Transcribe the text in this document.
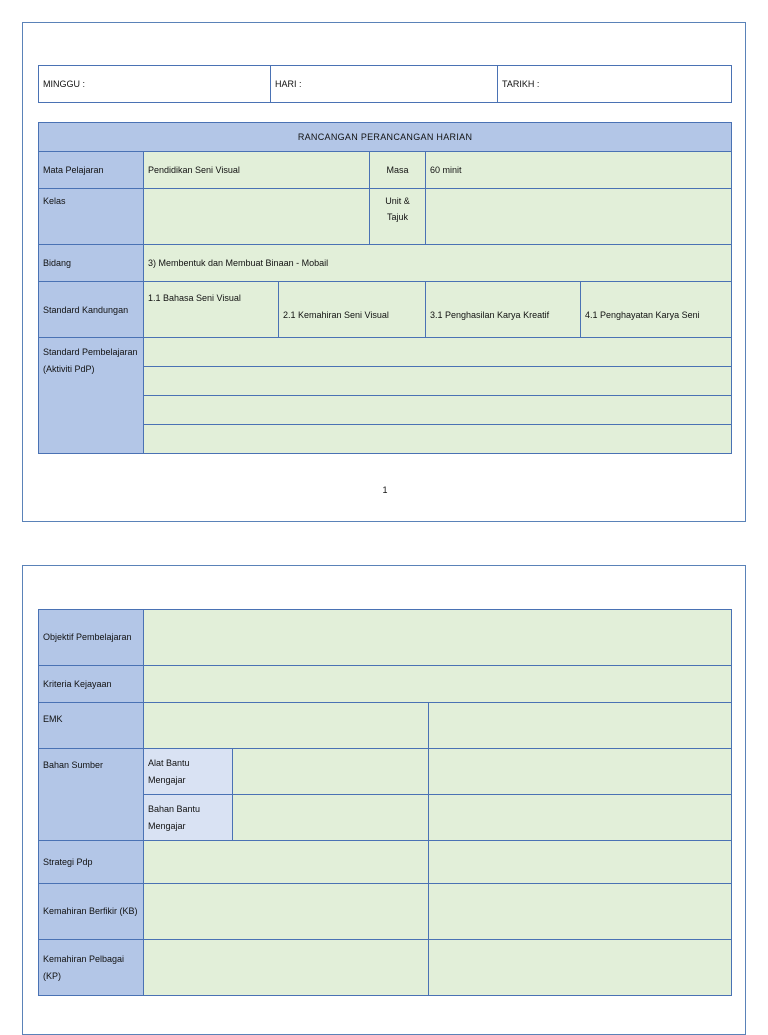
MINGGU :	HARI :	TARIKH :
RANCANGAN PERANCANGAN HARIAN					
Mata Pelajaran	Pendidikan Seni Visual		Masa	60 minit	
Kelas			Unit & Tajuk		
Bidang	3) Membentuk dan Membuat Binaan - Mobail				
Standard Kandungan	1.1 Bahasa Seni Visual	2.1 Kemahiran Seni Visual		3.1 Penghasilan Karya Kreatif	4.1 Penghayatan Karya Seni
Standard Pembelajaran (Aktiviti PdP)					

1
Objektif Pembelajaran			
Kriteria Kejayaan			
EMK			
Bahan Sumber	Alat Bantu Mengajar		
	Bahan Bantu Mengajar		
Strategi Pdp			
Kemahiran Berfikir (KB)			
Kemahiran Pelbagai (KP)			
